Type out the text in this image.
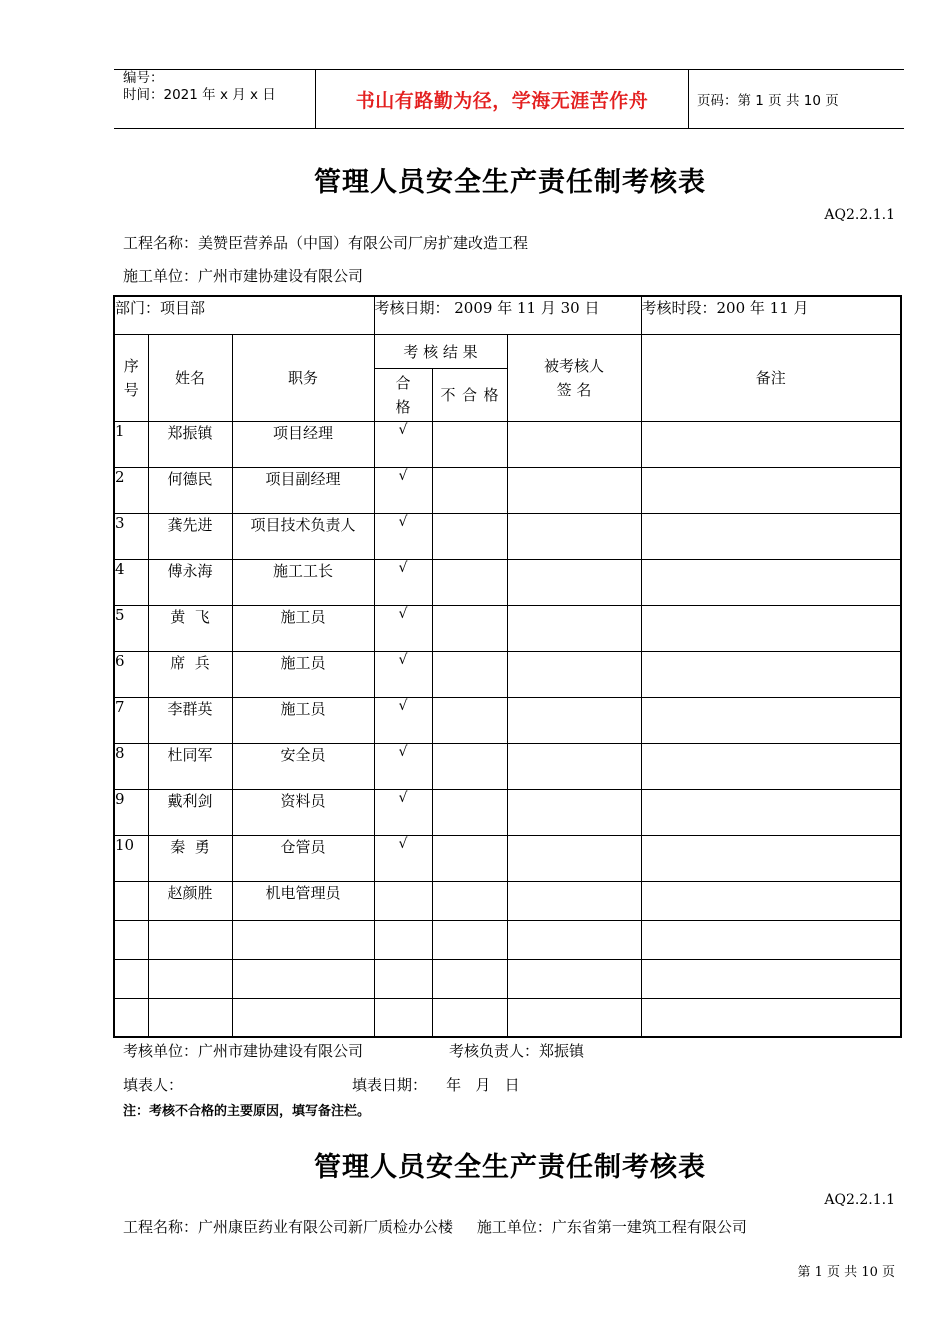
编号：
时间：2021 年 x 月 x 日	书山有路勤为径，学海无涯苦作舟	页码：第 1 页 共 10 页
管理人员安全生产责任制考核表
AQ2.2.1.1
工程名称：美赞臣营养品（中国）有限公司厂房扩建改造工程
施工单位：广州市建协建设有限公司
部门：项目部			考核日期： 2009 年 11 月 30 日			考核时段：200 年 11 月
序号	姓名	职务	考 核 结 果		被考核人 签 名	备注
			合格	不 合 格		
1	郑振镇	项目经理	√			
2	何德民	项目副经理	√			
3	龚先进	项目技术负责人	√			
4	傅永海	施工工长	√			
5	黄  飞	施工员	√			
6	席  兵	施工员	√			
7	李群英	施工员	√			
8	杜同军	安全员	√			
9	戴利剑	资料员	√			
10	秦  勇	仓管员	√			
	赵颜胜	机电管理员				

考核单位：广州市建协建设有限公司	考核负责人：郑振镇
填表人：	填表日期：    年   月   日
注：考核不合格的主要原因，填写备注栏。
管理人员安全生产责任制考核表
AQ2.2.1.1
工程名称：广州康臣药业有限公司新厂质检办公楼     施工单位：广东省第一建筑工程有限公司
第 1 页 共 10 页
